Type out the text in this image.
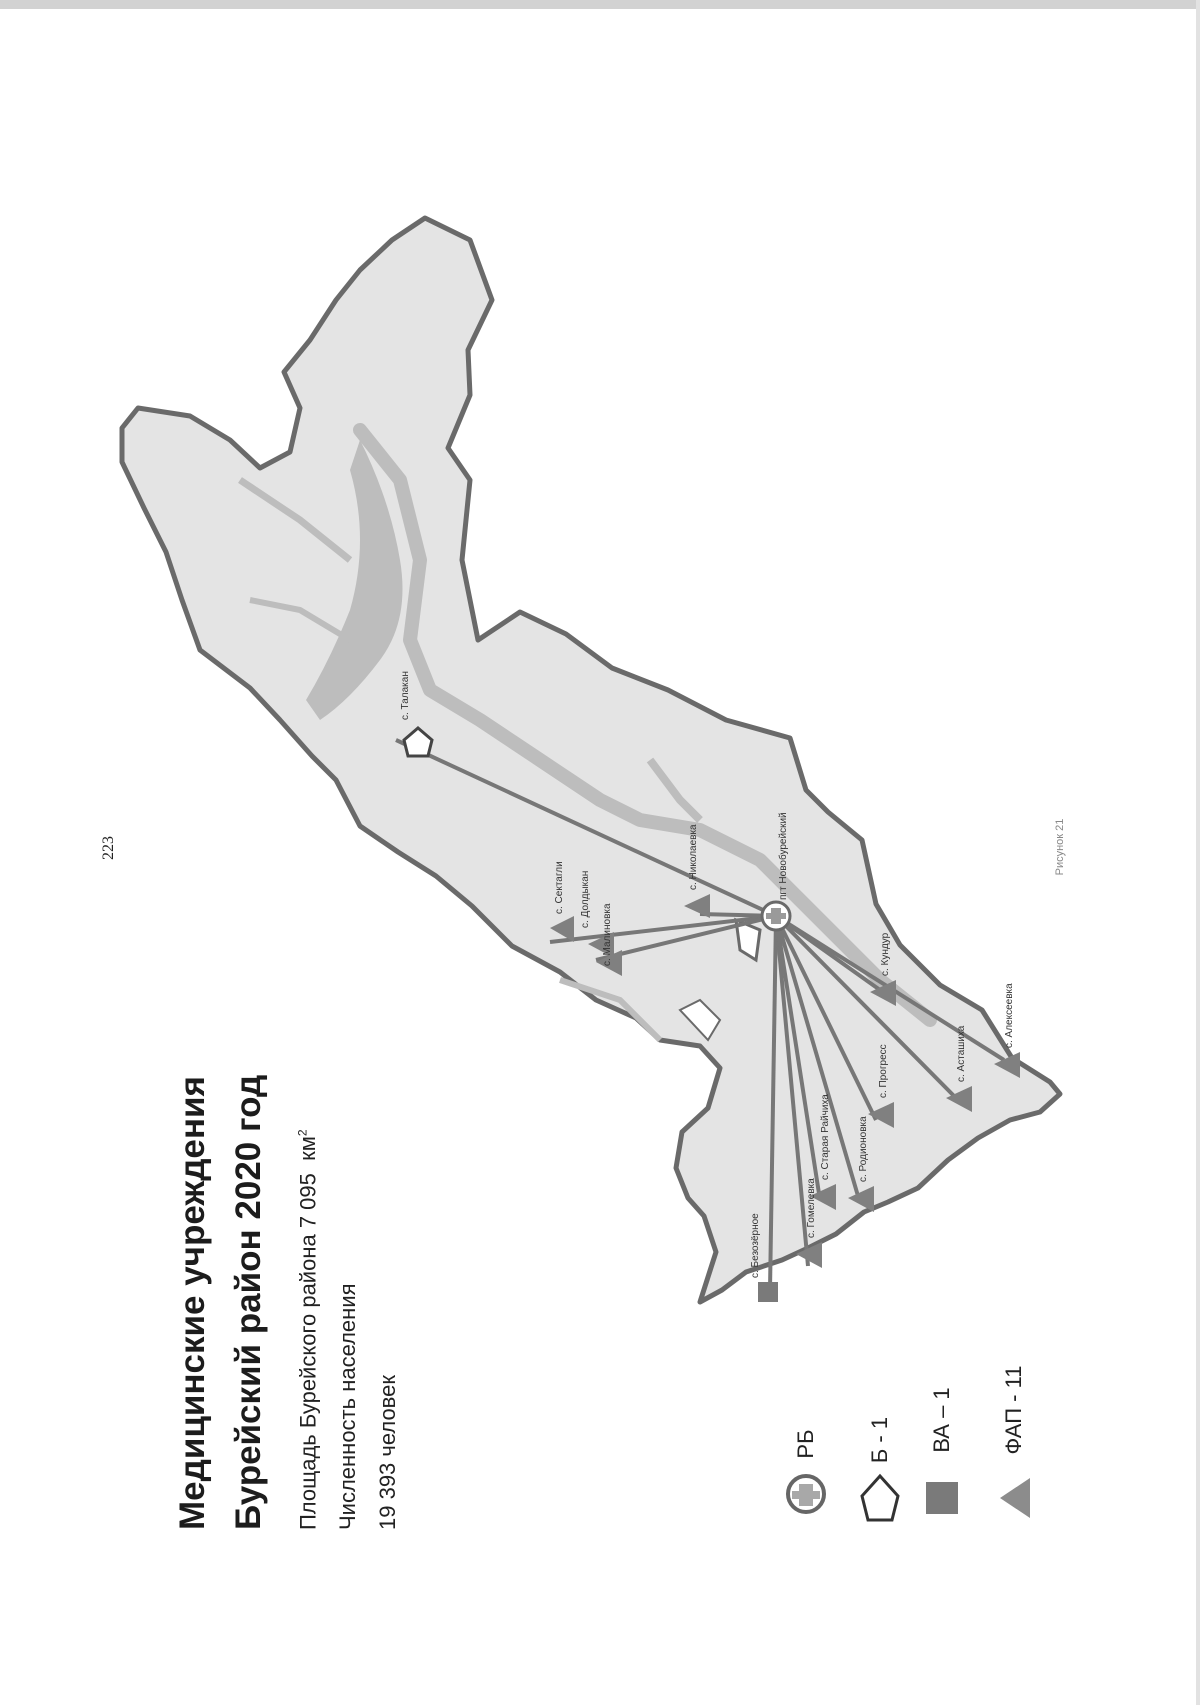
223
с. Талакан
пгт Новобурейский
с. Безозёрное
с. Сектагли
с. Малиновка
с. Николаевка
с. Алексеевка
с. Асташиха
с. Прогресс
с. Родионовка
с. Старая Райчиха
с. Гомелевка
с. Кундур
с. Долдыкан
РБ Б - 1 ВА – 1 ФАП - 11
Медицинские учреждения Бурейский район 2020 год	Площадь Бурейского района 7 095  $км^2$
Численность населения 19 393 человек
Рисунок 21
